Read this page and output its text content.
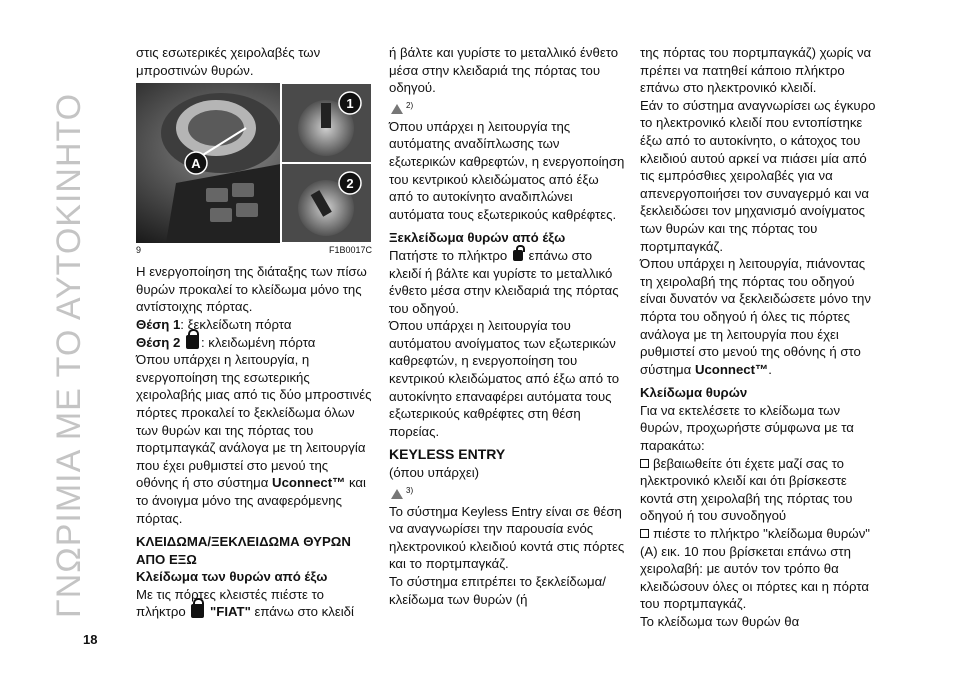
ΓΝΩΡΙΜΙΑ ΜΕ ΤΟ ΑΥΤΟΚΙΝΗΤΟ
18

στις εσωτερικές χειρολαβές των μπροστινών θυρών.

A
1
2
9	F1B0017C

Η ενεργοποίηση της διάταξης των πίσω θυρών προκαλεί το κλείδωμα μόνο της αντίστοιχης πόρτας.

Θέση 1: ξεκλείδωτη πόρτα

Θέση 2 : κλειδωμένη πόρτα

Όπου υπάρχει η λειτουργία, η ενεργοποίηση της εσωτερικής χειρολαβής μιας από τις δύο μπροστινές πόρτες προκαλεί το ξεκλείδωμα όλων των θυρών και της πόρτας του πορτμπαγκάζ ανάλογα με τη λειτουργία που έχει ρυθμιστεί στο μενού της οθόνης ή στο σύστημα Uconnect™ και το άνοιγμα μόνο της αναφερόμενης πόρτας.

ΚΛΕΙΔΩΜΑ/ΞΕΚΛΕΙΔΩΜΑ ΘΥΡΩΝ ΑΠΟ ΕΞΩ

Κλείδωμα των θυρών από έξω

Με τις πόρτες κλειστές πιέστε το πλήκτρο  "FIAT" επάνω στο κλειδί

ή βάλτε και γυρίστε το μεταλλικό ένθετο μέσα στην κλειδαριά της πόρτας του οδηγού.

$^{2)}$

Όπου υπάρχει η λειτουργία της αυτόματης αναδίπλωσης των εξωτερικών καθρεφτών, η ενεργοποίηση του κεντρικού κλειδώματος από έξω από το αυτοκίνητο αναδιπλώνει αυτόματα τους εξωτερικούς καθρέφτες.

Ξεκλείδωμα θυρών από έξω

Πατήστε το πλήκτρο  επάνω στο κλειδί ή βάλτε και γυρίστε το μεταλλικό ένθετο μέσα στην κλειδαριά της πόρτας του οδηγού.

Όπου υπάρχει η λειτουργία του αυτόματου ανοίγματος των εξωτερικών καθρεφτών, η ενεργοποίηση του κεντρικού κλειδώματος από έξω από το αυτοκίνητο επαναφέρει αυτόματα τους εξωτερικούς καθρέφτες στη θέση πορείας.

KEYLESS ENTRY

(όπου υπάρχει)

$^{3)}$

Το σύστημα Keyless Entry είναι σε θέση να αναγνωρίσει την παρουσία ενός ηλεκτρονικού κλειδιού κοντά στις πόρτες και το πορτμπαγκάζ.

Το σύστημα επιτρέπει το ξεκλείδωμα/κλείδωμα των θυρών (ή

της πόρτας του πορτμπαγκάζ) χωρίς να πρέπει να πατηθεί κάποιο πλήκτρο επάνω στο ηλεκτρονικό κλειδί.

Εάν το σύστημα αναγνωρίσει ως έγκυρο το ηλεκτρονικό κλειδί που εντοπίστηκε έξω από το αυτοκίνητο, ο κάτοχος του κλειδιού αυτού αρκεί να πιάσει μία από τις εμπρόσθιες χειρολαβές για να απενεργοποιήσει τον συναγερμό και να ξεκλειδώσει τον μηχανισμό ανοίγματος των θυρών και της πόρτας του πορτμπαγκάζ.

Όπου υπάρχει η λειτουργία, πιάνοντας τη χειρολαβή της πόρτας του οδηγού είναι δυνατόν να ξεκλειδώσετε μόνο την πόρτα του οδηγού ή όλες τις πόρτες ανάλογα με τη λειτουργία που έχει ρυθμιστεί στο μενού της οθόνης ή στο σύστημα Uconnect™.

Κλείδωμα θυρών

Για να εκτελέσετε το κλείδωμα των θυρών, προχωρήστε σύμφωνα με τα παρακάτω:

βεβαιωθείτε ότι έχετε μαζί σας το ηλεκτρονικό κλειδί και ότι βρίσκεστε κοντά στη χειρολαβή της πόρτας του οδηγού ή του συνοδηγού

πιέστε το πλήκτρο "κλείδωμα θυρών" (A) εικ. 10 που βρίσκεται επάνω στη χειρολαβή: με αυτόν τον τρόπο θα κλειδώσουν όλες οι πόρτες και η πόρτα του πορτμπαγκάζ.

Το κλείδωμα των θυρών θα
